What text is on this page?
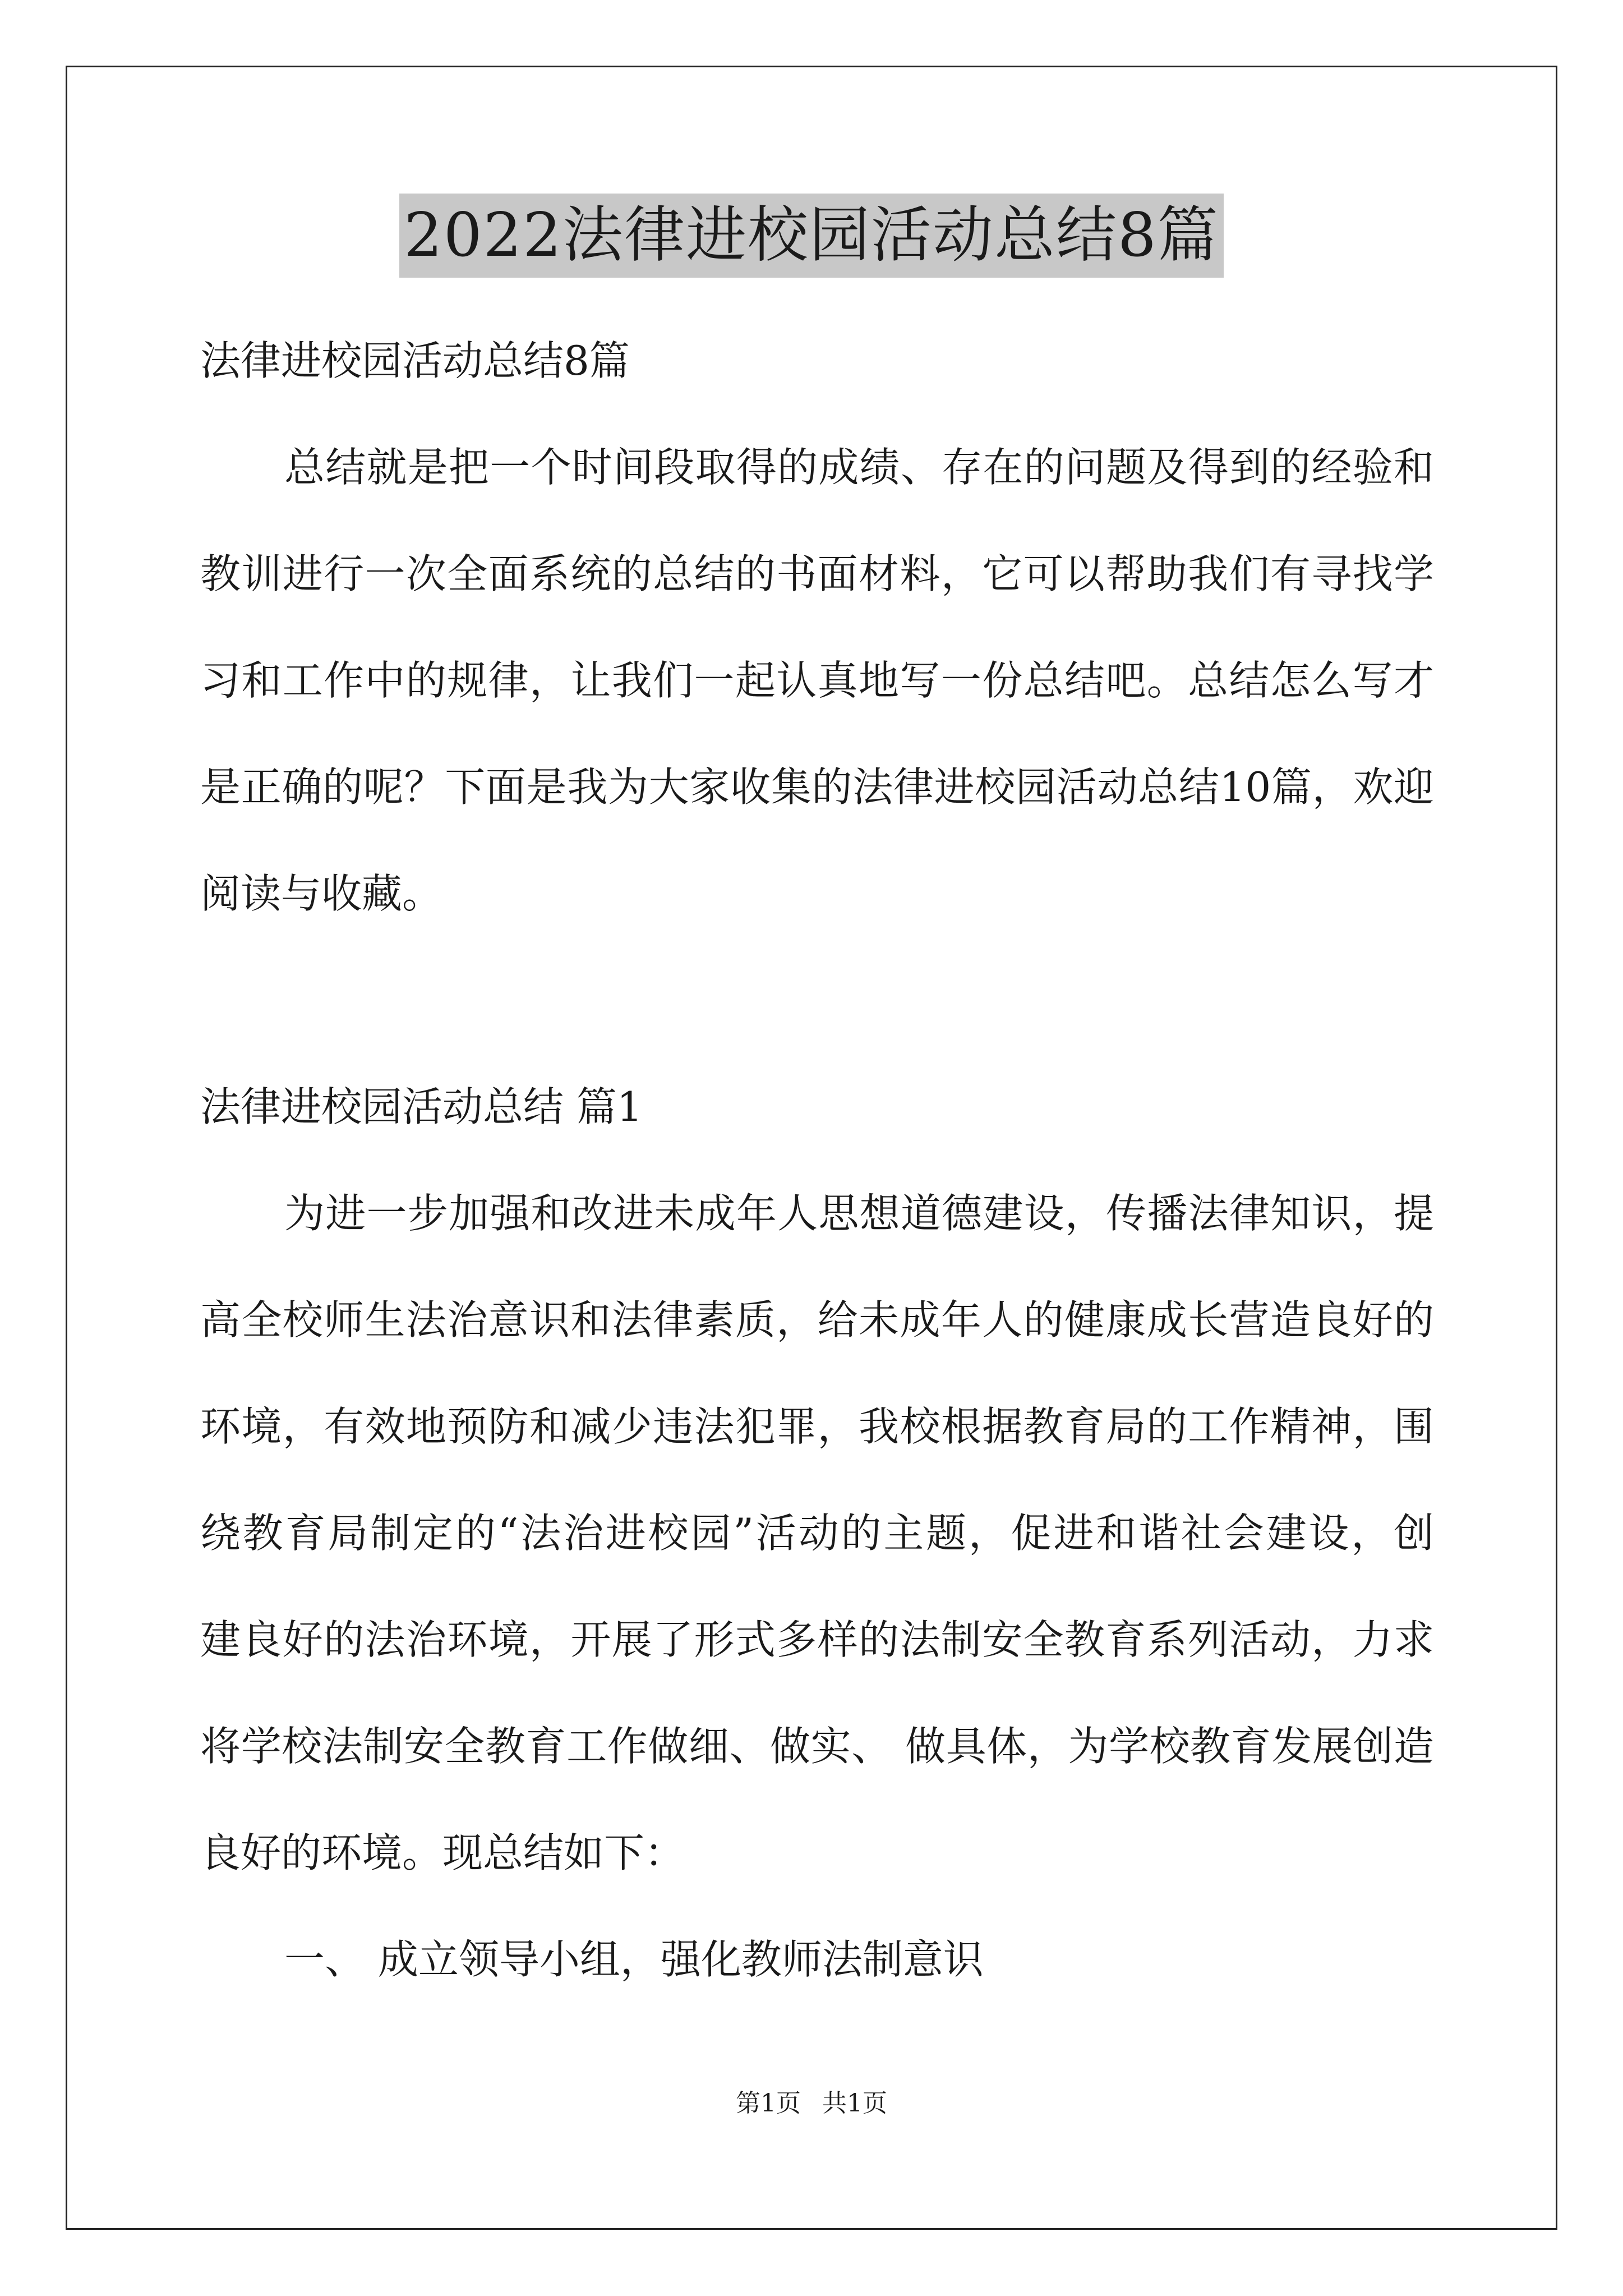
2022法律进校园活动总结8篇
法律进校园活动总结8篇
总结就是把一个时间段取得的成绩、存在的问题及得到的经验和
教训进行一次全面系统的总结的书面材料，它可以帮助我们有寻找学
习和工作中的规律，让我们一起认真地写一份总结吧。总结怎么写才
是正确的呢？下面是我为大家收集的法律进校园活动总结10篇，欢迎
阅读与收藏。
法律进校园活动总结 篇1
为进一步加强和改进未成年人思想道德建设，传播法律知识，提
高全校师生法治意识和法律素质，给未成年人的健康成长营造良好的
环境，有效地预防和减少违法犯罪，我校根据教育局的工作精神，围
绕教育局制定的“法治进校园”活动的主题，促进和谐社会建设，创
建良好的法治环境，开展了形式多样的法制安全教育系列活动，力求
将学校法制安全教育工作做细、做实、 做具体，为学校教育发展创造
良好的环境。现总结如下：
一、 成立领导小组，强化教师法制意识
第1页 共1页
